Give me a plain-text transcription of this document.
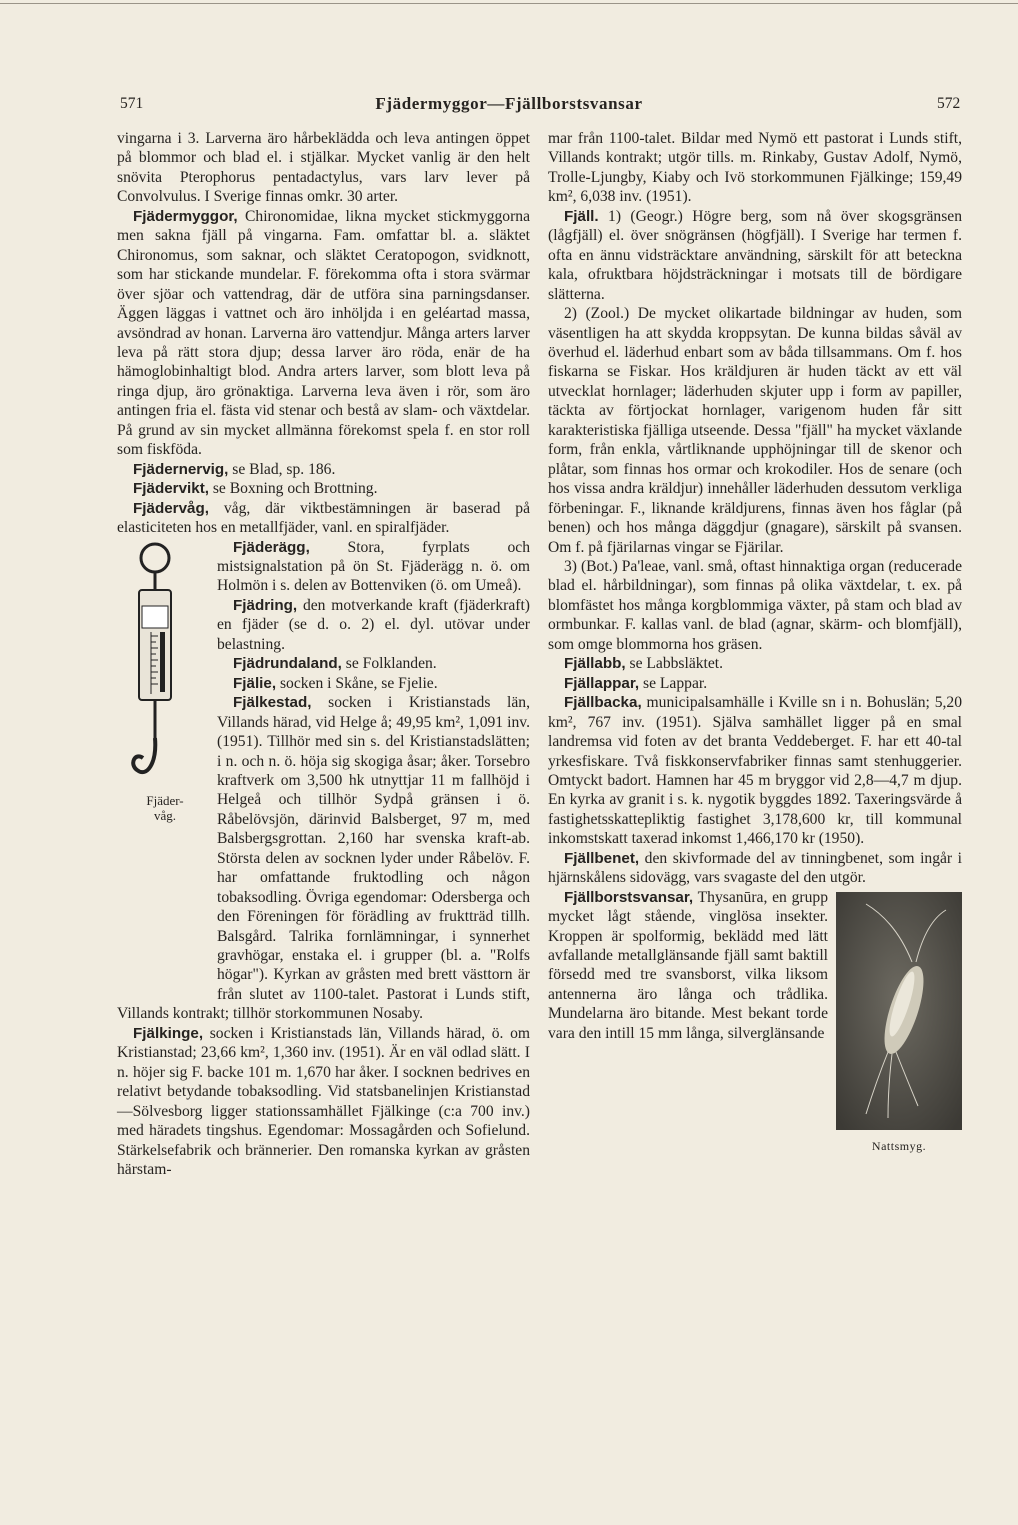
571	Fjädermyggor—Fjällborstsvansar	572

vingarna i 3. Larverna äro hårbeklädda och leva antingen öppet på blommor och blad el. i stjälkar. Mycket vanlig är den helt snövita Pterophorus pentadactylus, vars larv lever på Convolvulus. I Sverige finnas omkr. 30 arter.

Fjädermyggor, Chironomidae, likna mycket stickmyggorna men sakna fjäll på vingarna. Fam. omfattar bl. a. släktet Chironomus, som saknar, och släktet Ceratopogon, svidknott, som har stickande mundelar. F. förekomma ofta i stora svärmar över sjöar och vattendrag, där de utföra sina parningsdanser. Äggen läggas i vattnet och äro inhöljda i en geléartad massa, avsöndrad av honan. Larverna äro vattendjur. Många arters larver leva på rätt stora djup; dessa larver äro röda, enär de ha hämoglobinhaltigt blod. Andra arters larver, som blott leva på ringa djup, äro grönaktiga. Larverna leva även i rör, som äro antingen fria el. fästa vid stenar och bestå av slam- och växtdelar. På grund av sin mycket allmänna förekomst spela f. en stor roll som fiskföda.

Fjädernervig, se Blad, sp. 186.

Fjädervikt, se Boxning och Brottning.

Fjädervåg, våg, där viktbestämningen är baserad på elasticiteten hos en metallfjäder, vanl. en spiralfjäder.

Fjäder-
våg.

Fjäderägg, Stora, fyrplats och mistsignalstation på ön St. Fjäderägg n. ö. om Holmön i s. delen av Bottenviken (ö. om Umeå).

Fjädring, den motverkande kraft (fjäderkraft) en fjäder (se d. o. 2) el. dyl. utövar under belastning.

Fjädrundaland, se Folklanden.

Fjälie, socken i Skåne, se Fjelie.

Fjälkestad, socken i Kristianstads län, Villands härad, vid Helge å; 49,95 km², 1,091 inv. (1951). Tillhör med sin s. del Kristianstadslätten; i n. och n. ö. höja sig skogiga åsar; åker. Torsebro kraftverk om 3,500 hk utnyttjar 11 m fallhöjd i Helgeå och tillhör Sydpå gränsen i ö. Råbelövsjön, därinvid Balsberget, 97 m, med Balsbergsgrottan. 2,160 har svenska kraft-ab. Största delen av socknen lyder under Råbelöv. F. har omfattande fruktodling och någon tobaksodling. Övriga egendomar: Odersberga och den Föreningen för förädling av fruktträd tillh. Balsgård. Talrika fornlämningar, i synnerhet gravhögar, enstaka el. i grupper (bl. a. "Rolfs högar"). Kyrkan av gråsten med brett västtorn är från slutet av 1100-talet. Pastorat i Lunds stift, Villands kontrakt; tillhör storkommunen Nosaby.

Fjälkinge, socken i Kristianstads län, Villands härad, ö. om Kristianstad; 23,66 km², 1,360 inv. (1951). Är en väl odlad slätt. I n. höjer sig F. backe 101 m. 1,670 har åker. I socknen bedrives en relativt betydande tobaksodling. Vid statsbanelinjen Kristianstad—Sölvesborg ligger stationssamhället Fjälkinge (c:a 700 inv.) med häradets tingshus. Egendomar: Mossagården och Sofielund. Stärkelsefabrik och brännerier. Den romanska kyrkan av gråsten härstam-

mar från 1100-talet. Bildar med Nymö ett pastorat i Lunds stift, Villands kontrakt; utgör tills. m. Rinkaby, Gustav Adolf, Nymö, Trolle-Ljungby, Kiaby och Ivö storkommunen Fjälkinge; 159,49 km², 6,038 inv. (1951).

Fjäll. 1) (Geogr.) Högre berg, som nå över skogsgränsen (lågfjäll) el. över snögränsen (högfjäll). I Sverige har termen f. ofta en ännu vidsträcktare användning, särskilt för att beteckna kala, ofruktbara höjdsträckningar i motsats till de bördigare slätterna.

2) (Zool.) De mycket olikartade bildningar av huden, som väsentligen ha att skydda kroppsytan. De kunna bildas såväl av överhud el. läderhud enbart som av båda tillsammans. Om f. hos fiskarna se Fiskar. Hos kräldjuren är huden täckt av ett väl utvecklat hornlager; läderhuden skjuter upp i form av papiller, täckta av förtjockat hornlager, varigenom huden får sitt karakteristiska fjälliga utseende. Dessa "fjäll" ha mycket växlande form, från enkla, vårtliknande upphöjningar till de skenor och plåtar, som finnas hos ormar och krokodiler. Hos de senare (och hos vissa andra kräldjur) innehåller läderhuden dessutom verkliga förbeningar. F., liknande kräldjurens, finnas även hos fåglar (på benen) och hos många däggdjur (gnagare), särskilt på svansen. Om f. på fjärilarnas vingar se Fjärilar.

3) (Bot.) Pa'leae, vanl. små, oftast hinnaktiga organ (reducerade blad el. hårbildningar), som finnas på olika växtdelar, t. ex. på blomfästet hos många korgblommiga växter, på stam och blad av ormbunkar. F. kallas vanl. de blad (agnar, skärm- och blomfjäll), som omge blommorna hos gräsen.

Fjällabb, se Labbsläktet.

Fjällappar, se Lappar.

Fjällbacka, municipalsamhälle i Kville sn i n. Bohuslän; 5,20 km², 767 inv. (1951). Själva samhället ligger på en smal landremsa vid foten av det branta Veddeberget. F. har ett 40-tal yrkesfiskare. Två fiskkonservfabriker finnas samt stenhuggerier. Omtyckt badort. Hamnen har 45 m bryggor vid 2,8—4,7 m djup. En kyrka av granit i s. k. nygotik byggdes 1892. Taxeringsvärde å fastighetsskattepliktig fastighet 3,178,600 kr, till kommunal inkomstskatt taxerad inkomst 1,466,170 kr (1950).

Fjällbenet, den skivformade del av tinningbenet, som ingår i hjärnskålens sidovägg, vars svagaste del den utgör.

Nattsmyg.

Fjällborstsvansar, Thysanūra, en grupp mycket lågt stående, vinglösa insekter. Kroppen är spolformig, beklädd med lätt avfallande metallglänsande fjäll samt baktill försedd med tre svansborst, vilka liksom antennerna äro långa och trådlika. Mundelarna äro bitande. Mest bekant torde vara den intill 15 mm långa, silverglänsande
